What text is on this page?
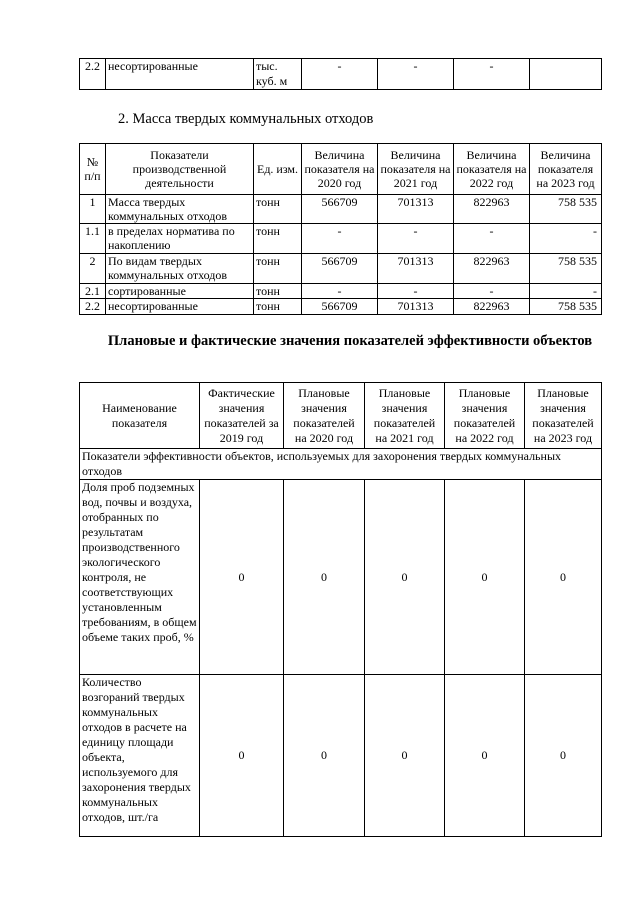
2.2	несортированные	тыс. куб. м	-	-	-	
2. Масса твердых коммунальных отходов
№ п/п	Показатели производственной деятельности	Ед. изм.	Величина показателя на 2020 год	Величина показателя на 2021 год	Величина показателя на 2022 год	Величина показателя на 2023 год
1	Масса твердых коммунальных отходов	тонн	566709	701313	822963	758 535
1.1	в пределах норматива по накоплению	тонн	-	-	-	-
2	По видам твердых коммунальных отходов	тонн	566709	701313	822963	758 535
2.1	сортированные	тонн	-	-	-	-
2.2	несортированные	тонн	566709	701313	822963	758 535
Плановые и фактические значения показателей эффективности объектов
Наименование показателя	Фактические значения показателей за 2019 год	Плановые значения показателей на 2020 год	Плановые значения показателей на 2021 год	Плановые значения показателей на 2022 год	Плановые значения показателей на 2023 год
Показатели эффективности объектов, используемых для захоронения твердых коммунальных отходов					
Доля проб подземных вод, почвы и воздуха, отобранных по результатам производственного экологического контроля, не соответствующих установленным требованиям, в общем объеме таких проб, %	0	0	0	0	0
Количество возгораний твердых коммунальных отходов в расчете на единицу площади объекта, используемого для захоронения твердых коммунальных отходов, шт./га	0	0	0	0	0
